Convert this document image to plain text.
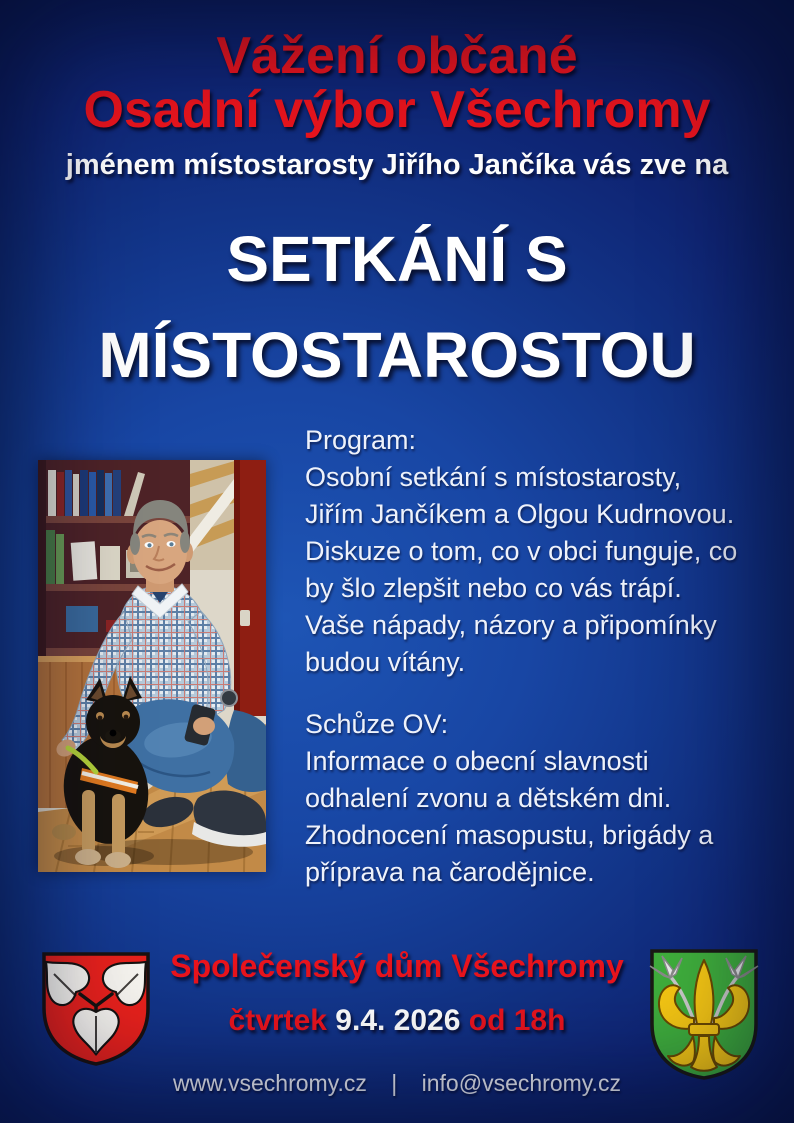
Vážení občané
Osadní výbor Všechromy
jménem místostarosty Jiřího Jančíka vás zve na
SETKÁNÍ S
MÍSTOSTAROSTOU
Program:
Osobní setkání s místostarosty,
Jiřím Jančíkem a Olgou Kudrnovou.
Diskuze o tom, co v obci funguje, co
by šlo zlepšit nebo co vás trápí.
Vaše nápady, názory a připomínky
budou vítány.
Schůze OV:
Informace o obecní slavnosti
odhalení zvonu a dětském dni.
Zhodnocení masopustu, brigády a
příprava na čarodějnice.
Společenský dům Všechromy
čtvrtek 9.4. 2026 od 18h
www.vsechromy.cz | info@vsechromy.cz
